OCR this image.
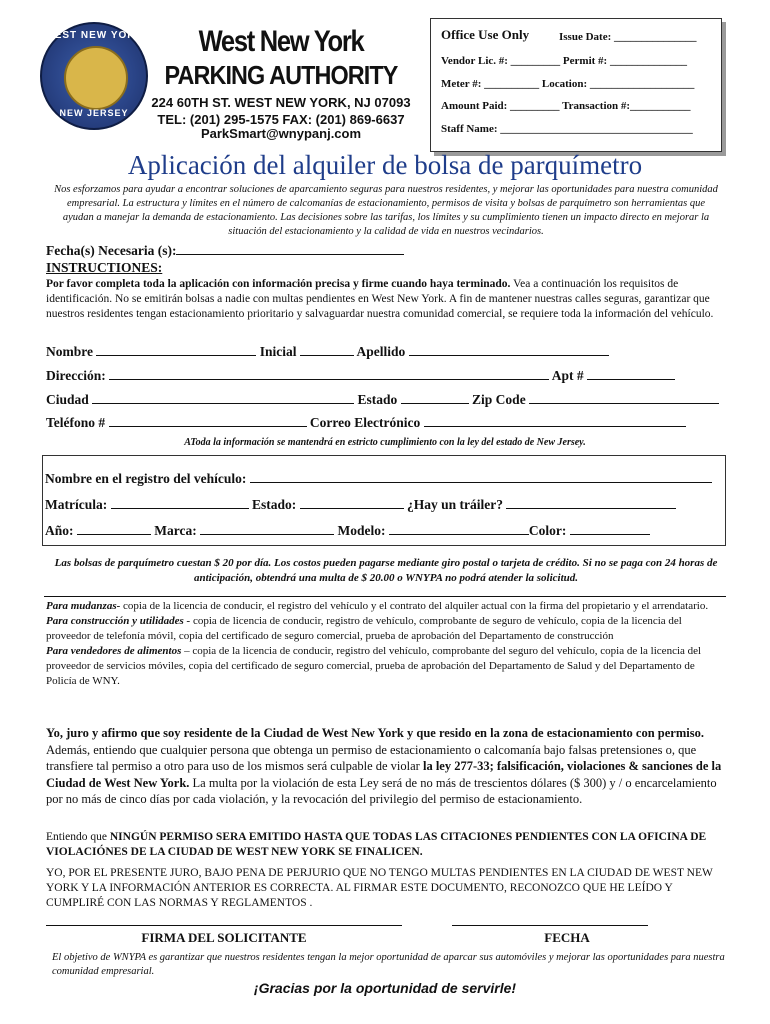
WEST NEW YORK
NEW JERSEY
West New York
PARKING AUTHORITY
224 60TH ST. WEST NEW YORK, NJ 07093
TEL: (201) 295-1575 FAX: (201) 869-6637
ParkSmart@wnypanj.com
Office Use Only	Issue Date: _______________
Vendor Lic. #: _________ Permit #: ______________
Meter #: __________ Location: ___________________
Amount Paid: _________ Transaction #:___________
Staff Name: ___________________________________
Aplicación del alquiler de bolsa de parquímetro
Nos esforzamos para ayudar a encontrar soluciones de aparcamiento seguras para nuestros residentes, y mejorar las oportunidades para nuestra comunidad empresarial. La estructura y límites en el número de calcomanías de estacionamiento, permisos de visita y bolsas de parquímetro son herramientas que ayudan a manejar la demanda de estacionamiento. Las decisiones sobre las tarifas, los límites y su cumplimiento tienen un impacto directo en mejorar la situación del estacionamiento y la calidad de vida en nuestros vecindarios.
Fecha(s) Necesaria (s):
INSTRUCTIONES:
Por favor completa toda la aplicación con información precisa y firme cuando haya terminado. Vea a continuación los requisitos de identificación. No se emitirán bolsas a nadie con multas pendientes en West New York. A fin de mantener nuestras calles seguras, garantizar que nuestros residentes tengan estacionamiento prioritario y salvaguardar nuestra comunidad comercial, se requiere toda la información del vehículo.
Nombre	Inicial	Apellido
Dirección:	Apt #
Ciudad	Estado	Zip Code
Teléfono #	Correo Electrónico
AToda la información se mantendrá en estricto cumplimiento con la ley del estado de New Jersey.
Nombre en el registro del vehículo:
Matrícula:	Estado:	¿Hay un tráiler?
Año:	Marca:	Modelo:	Color:
Las bolsas de parquímetro cuestan $ 20 por día. Los costos pueden pagarse mediante giro postal o tarjeta de crédito. Si no se paga con 24 horas de anticipación, obtendrá una multa de $ 20.00 o WNYPA no podrá atender la solicitud.
Para mudanzas- copia de la licencia de conducir, el registro del vehículo y el contrato del alquiler actual con la firma del propietario y el arrendatario.
Para construcción y utilidades - copia de licencia de conducir, registro de vehículo, comprobante de seguro de vehículo, copia de la licencia del proveedor de telefonía móvil, copia del certificado de seguro comercial, prueba de aprobación del Departamento de construcción
Para vendedores de alimentos – copia de la licencia de conducir, registro del vehículo, comprobante del seguro del vehículo, copia de la licencia del proveedor de servicios móviles, copia del certificado de seguro comercial, prueba de aprobación del Departamento de Salud y del Departamento de Policía de WNY.
Yo, juro y afirmo que soy residente de la Ciudad de West New York y que resido en la zona de estacionamiento con permiso. Además, entiendo que cualquier persona que obtenga un permiso de estacionamiento o calcomanía bajo falsas pretensiones o, que transfiere tal permiso a otro para uso de los mismos será culpable de violar la ley 277-33; falsificación, violaciones & sanciones de la Ciudad de West New York. La multa por la violación de esta Ley será de no más de trescientos dólares ($ 300) y / o encarcelamiento por no más de cinco días por cada violación, y la revocación del privilegio del permiso de estacionamiento.
Entiendo que NINGÚN PERMISO SERA EMITIDO HASTA QUE TODAS LAS CITACIONES PENDIENTES CON LA OFICINA DE VIOLACIÓNES DE LA CIUDAD DE WEST NEW YORK SE FINALICEN.
YO, POR EL PRESENTE JURO, BAJO PENA DE PERJURIO QUE NO TENGO MULTAS PENDIENTES EN LA CIUDAD DE WEST NEW YORK Y LA INFORMACIÓN ANTERIOR ES CORRECTA. AL FIRMAR ESTE DOCUMENTO, RECONOZCO QUE HE LEÍDO Y CUMPLIRÉ CON LAS NORMAS Y REGLAMENTOS .
FIRMA DEL SOLICITANTE	FECHA
El objetivo de WNYPA es garantizar que nuestros residentes tengan la mejor oportunidad de aparcar sus automóviles y mejorar las oportunidades para nuestra comunidad empresarial.
¡Gracias por la oportunidad de servirle!
